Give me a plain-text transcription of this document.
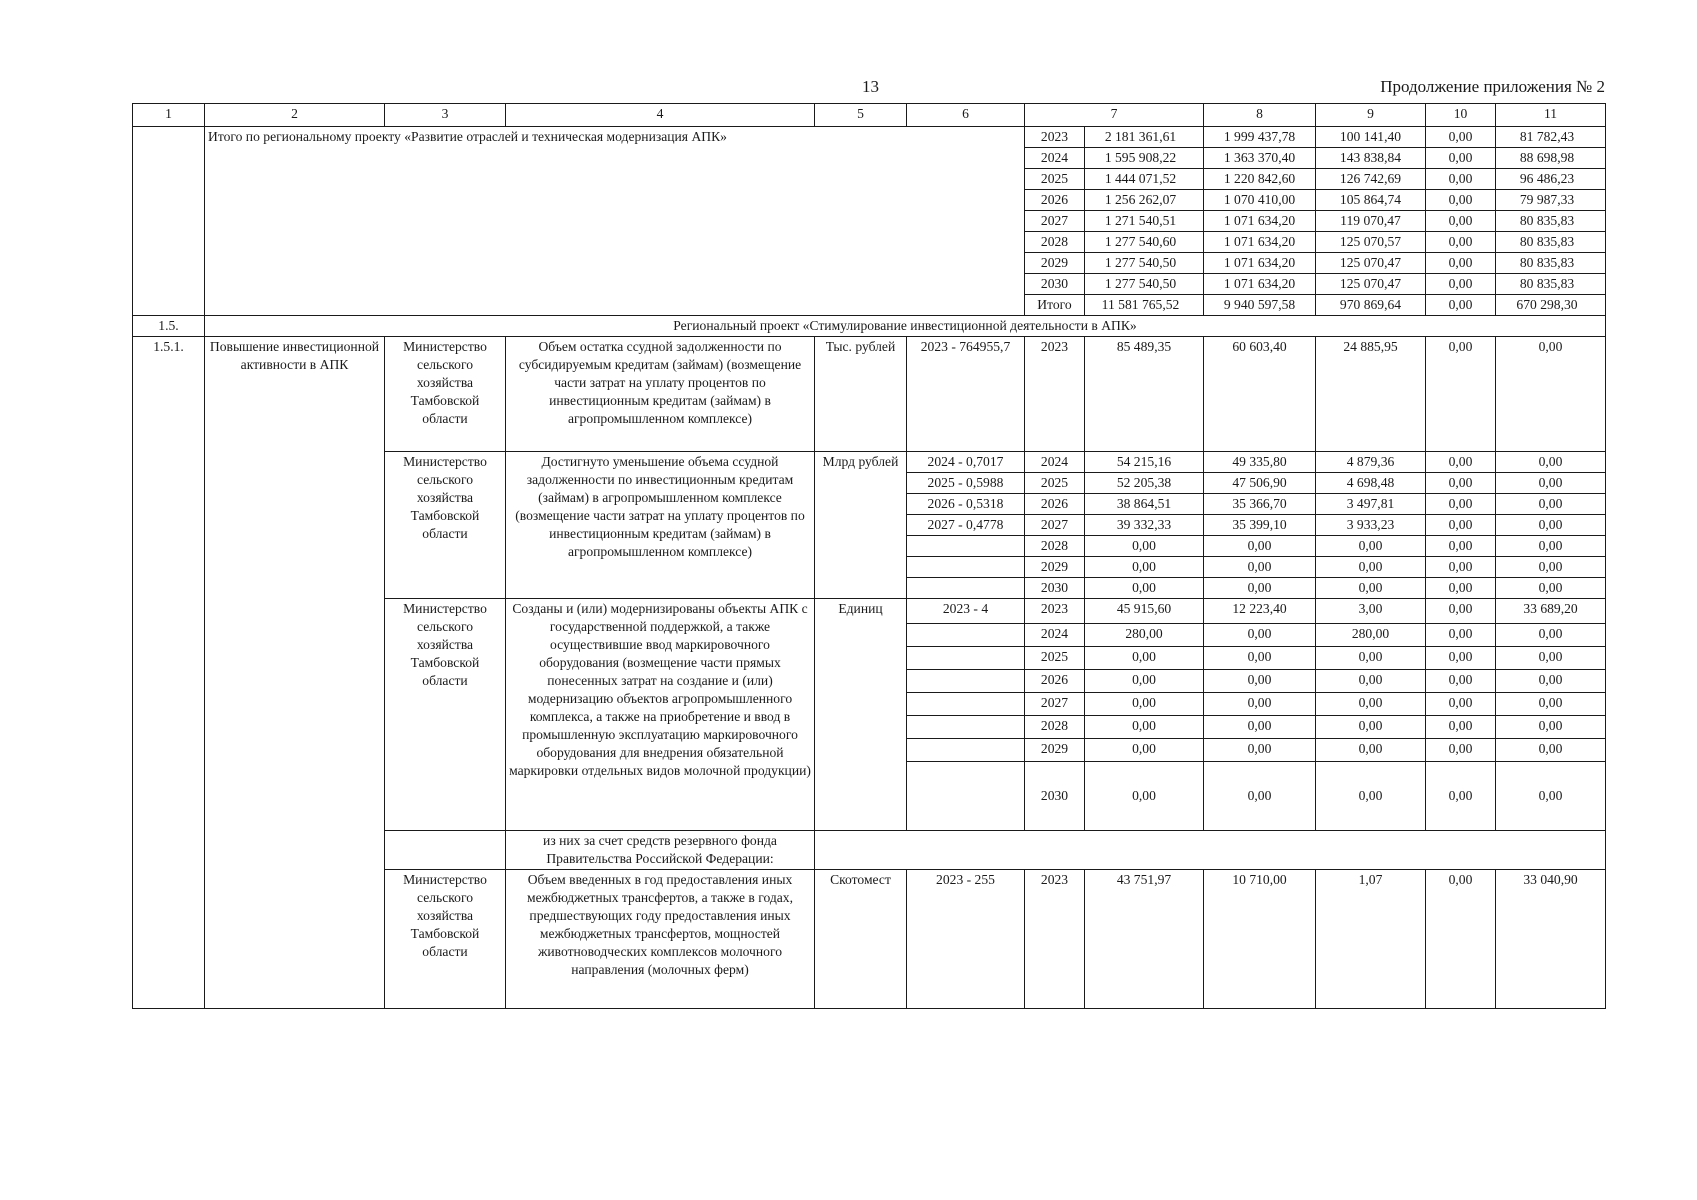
13	Продолжение приложения № 2
1	2	3	4	5	6	7		8	9	10	11
	Итого по региональному проекту «Развитие отраслей и техническая модернизация АПК»					2023	2 181 361,61	1 999 437,78	100 141,40	0,00	81 782,43
						2024	1 595 908,22	1 363 370,40	143 838,84	0,00	88 698,98
						2025	1 444 071,52	1 220 842,60	126 742,69	0,00	96 486,23
						2026	1 256 262,07	1 070 410,00	105 864,74	0,00	79 987,33
						2027	1 271 540,51	1 071 634,20	119 070,47	0,00	80 835,83
						2028	1 277 540,60	1 071 634,20	125 070,57	0,00	80 835,83
						2029	1 277 540,50	1 071 634,20	125 070,47	0,00	80 835,83
						2030	1 277 540,50	1 071 634,20	125 070,47	0,00	80 835,83
						Итого	11 581 765,52	9 940 597,58	970 869,64	0,00	670 298,30
1.5.	Региональный проект «Стимулирование инвестиционной деятельности в АПК»										
1.5.1.	Повышение инвестиционной активности в АПК	Министерство сельского хозяйства Тамбовской области	Объем остатка ссудной задолженности по субсидируемым кредитам (займам) (возмещение части затрат на уплату процентов по инвестиционным кредитам (займам) в агропромышленном комплексе)	Тыс. рублей	2023 - 764955,7	2023	85 489,35	60 603,40	24 885,95	0,00	0,00
		Министерство сельского хозяйства Тамбовской области	Достигнуто уменьшение объема ссудной задолженности по инвестиционным кредитам (займам) в агропромышленном комплексе (возмещение части затрат на уплату процентов по инвестиционным кредитам (займам) в агропромышленном комплексе)	Млрд рублей	2024 - 0,7017	2024	54 215,16	49 335,80	4 879,36	0,00	0,00
					2025 - 0,5988	2025	52 205,38	47 506,90	4 698,48	0,00	0,00
					2026 - 0,5318	2026	38 864,51	35 366,70	3 497,81	0,00	0,00
					2027 - 0,4778	2027	39 332,33	35 399,10	3 933,23	0,00	0,00
						2028	0,00	0,00	0,00	0,00	0,00
						2029	0,00	0,00	0,00	0,00	0,00
						2030	0,00	0,00	0,00	0,00	0,00
		Министерство сельского хозяйства Тамбовской области	Созданы и (или) модернизированы объекты АПК с государственной поддержкой, а также осуществившие ввод маркировочного оборудования (возмещение части прямых понесенных затрат на создание и (или) модернизацию объектов агропромышленного комплекса, а также на приобретение и ввод в промышленную эксплуатацию маркировочного оборудования для внедрения обязательной маркировки отдельных видов молочной продукции)	Единиц	2023 - 4	2023	45 915,60	12 223,40	3,00	0,00	33 689,20
						2024	280,00	0,00	280,00	0,00	0,00
						2025	0,00	0,00	0,00	0,00	0,00
						2026	0,00	0,00	0,00	0,00	0,00
						2027	0,00	0,00	0,00	0,00	0,00
						2028	0,00	0,00	0,00	0,00	0,00
						2029	0,00	0,00	0,00	0,00	0,00
						2030	0,00	0,00	0,00	0,00	0,00
			из них за счет средств резервного фонда Правительства Российской Федерации:								
		Министерство сельского хозяйства Тамбовской области	Объем введенных в год предоставления иных межбюджетных трансфертов, а также в годах, предшествующих году предоставления иных межбюджетных трансфертов, мощностей животноводческих комплексов молочного направления (молочных ферм)	Скотомест	2023 - 255	2023	43 751,97	10 710,00	1,07	0,00	33 040,90
